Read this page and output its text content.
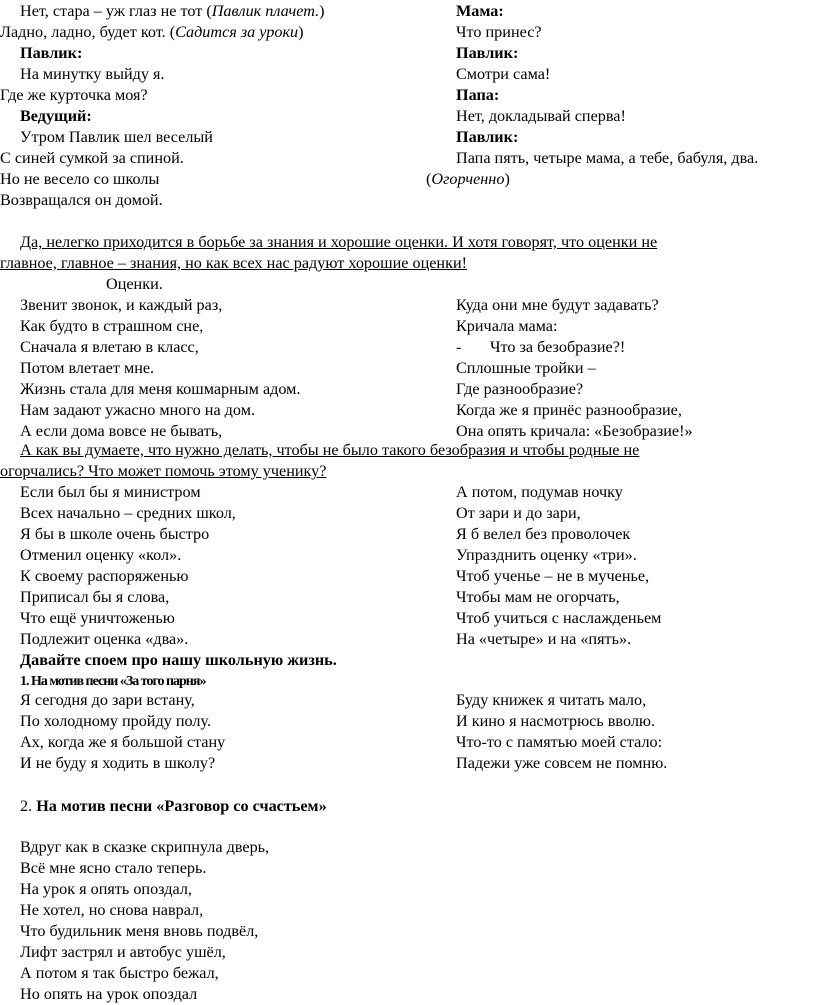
Нет, стара – уж глаз не тот (Павлик плачет.)
Ладно, ладно, будет кот. (Садится за уроки)
Павлик:
На минутку выйду я.
Где же курточка моя?
Ведущий:
Утром Павлик шел веселый
С синей сумкой за спиной.
Но не весело со школы
Возвращался он домой.
Мама:
Что принес?
Павлик:
Смотри сама!
Папа:
Нет, докладывай сперва!
Павлик:
Папа пять, четыре мама, а тебе, бабуля, два.
(Огорченно)
Да, нелегко приходится в борьбе за знания и хорошие оценки. И хотя говорят, что оценки не
главное, главное – знания, но как всех нас радуют хорошие оценки!
Оценки.
Звенит звонок, и каждый раз,
Как будто в страшном сне,
Сначала я влетаю в класс,
Потом влетает мне.
Жизнь стала для меня кошмарным адом.
Нам задают ужасно много на дом.
А если дома вовсе не бывать,
Куда они мне будут задавать?
Кричала мама:
- Что за безобразие?!
Сплошные тройки –
Где разнообразие?
Когда же я принёс разнообразие,
Она опять кричала: «Безобразие!»
А как вы думаете, что нужно делать, чтобы не было такого безобразия и чтобы родные не
огорчались? Что может помочь этому ученику?
Если был бы я министром
Всех начально – средних школ,
Я бы в школе очень быстро
Отменил оценку «кол».
К своему распоряженью
Приписал бы я слова,
Что ещё уничтоженью
Подлежит оценка «два».
А потом, подумав ночку
От зари и до зари,
Я б велел без проволочек
Упразднить оценку «три».
Чтоб ученье – не в мученье,
Чтобы мам не огорчать,
Чтоб учиться с наслажденьем
На «четыре» и на «пять».
Давайте споем про нашу школьную жизнь.
1. На мотив песни «За того парня»
Я сегодня до зари встану,
По холодному пройду полу.
Ах, когда же я большой стану
И не буду я ходить в школу?
Буду книжек я читать мало,
И кино я насмотрюсь вволю.
Что-то с памятью моей стало:
Падежи уже совсем не помню.
2. На мотив песни «Разговор со счастьем»
Вдруг как в сказке скрипнула дверь,
Всё мне ясно стало теперь.
На урок я опять опоздал,
Не хотел, но снова наврал,
Что будильник меня вновь подвёл,
Лифт застрял и автобус ушёл,
А потом я так быстро бежал,
Но опять на урок опоздал
